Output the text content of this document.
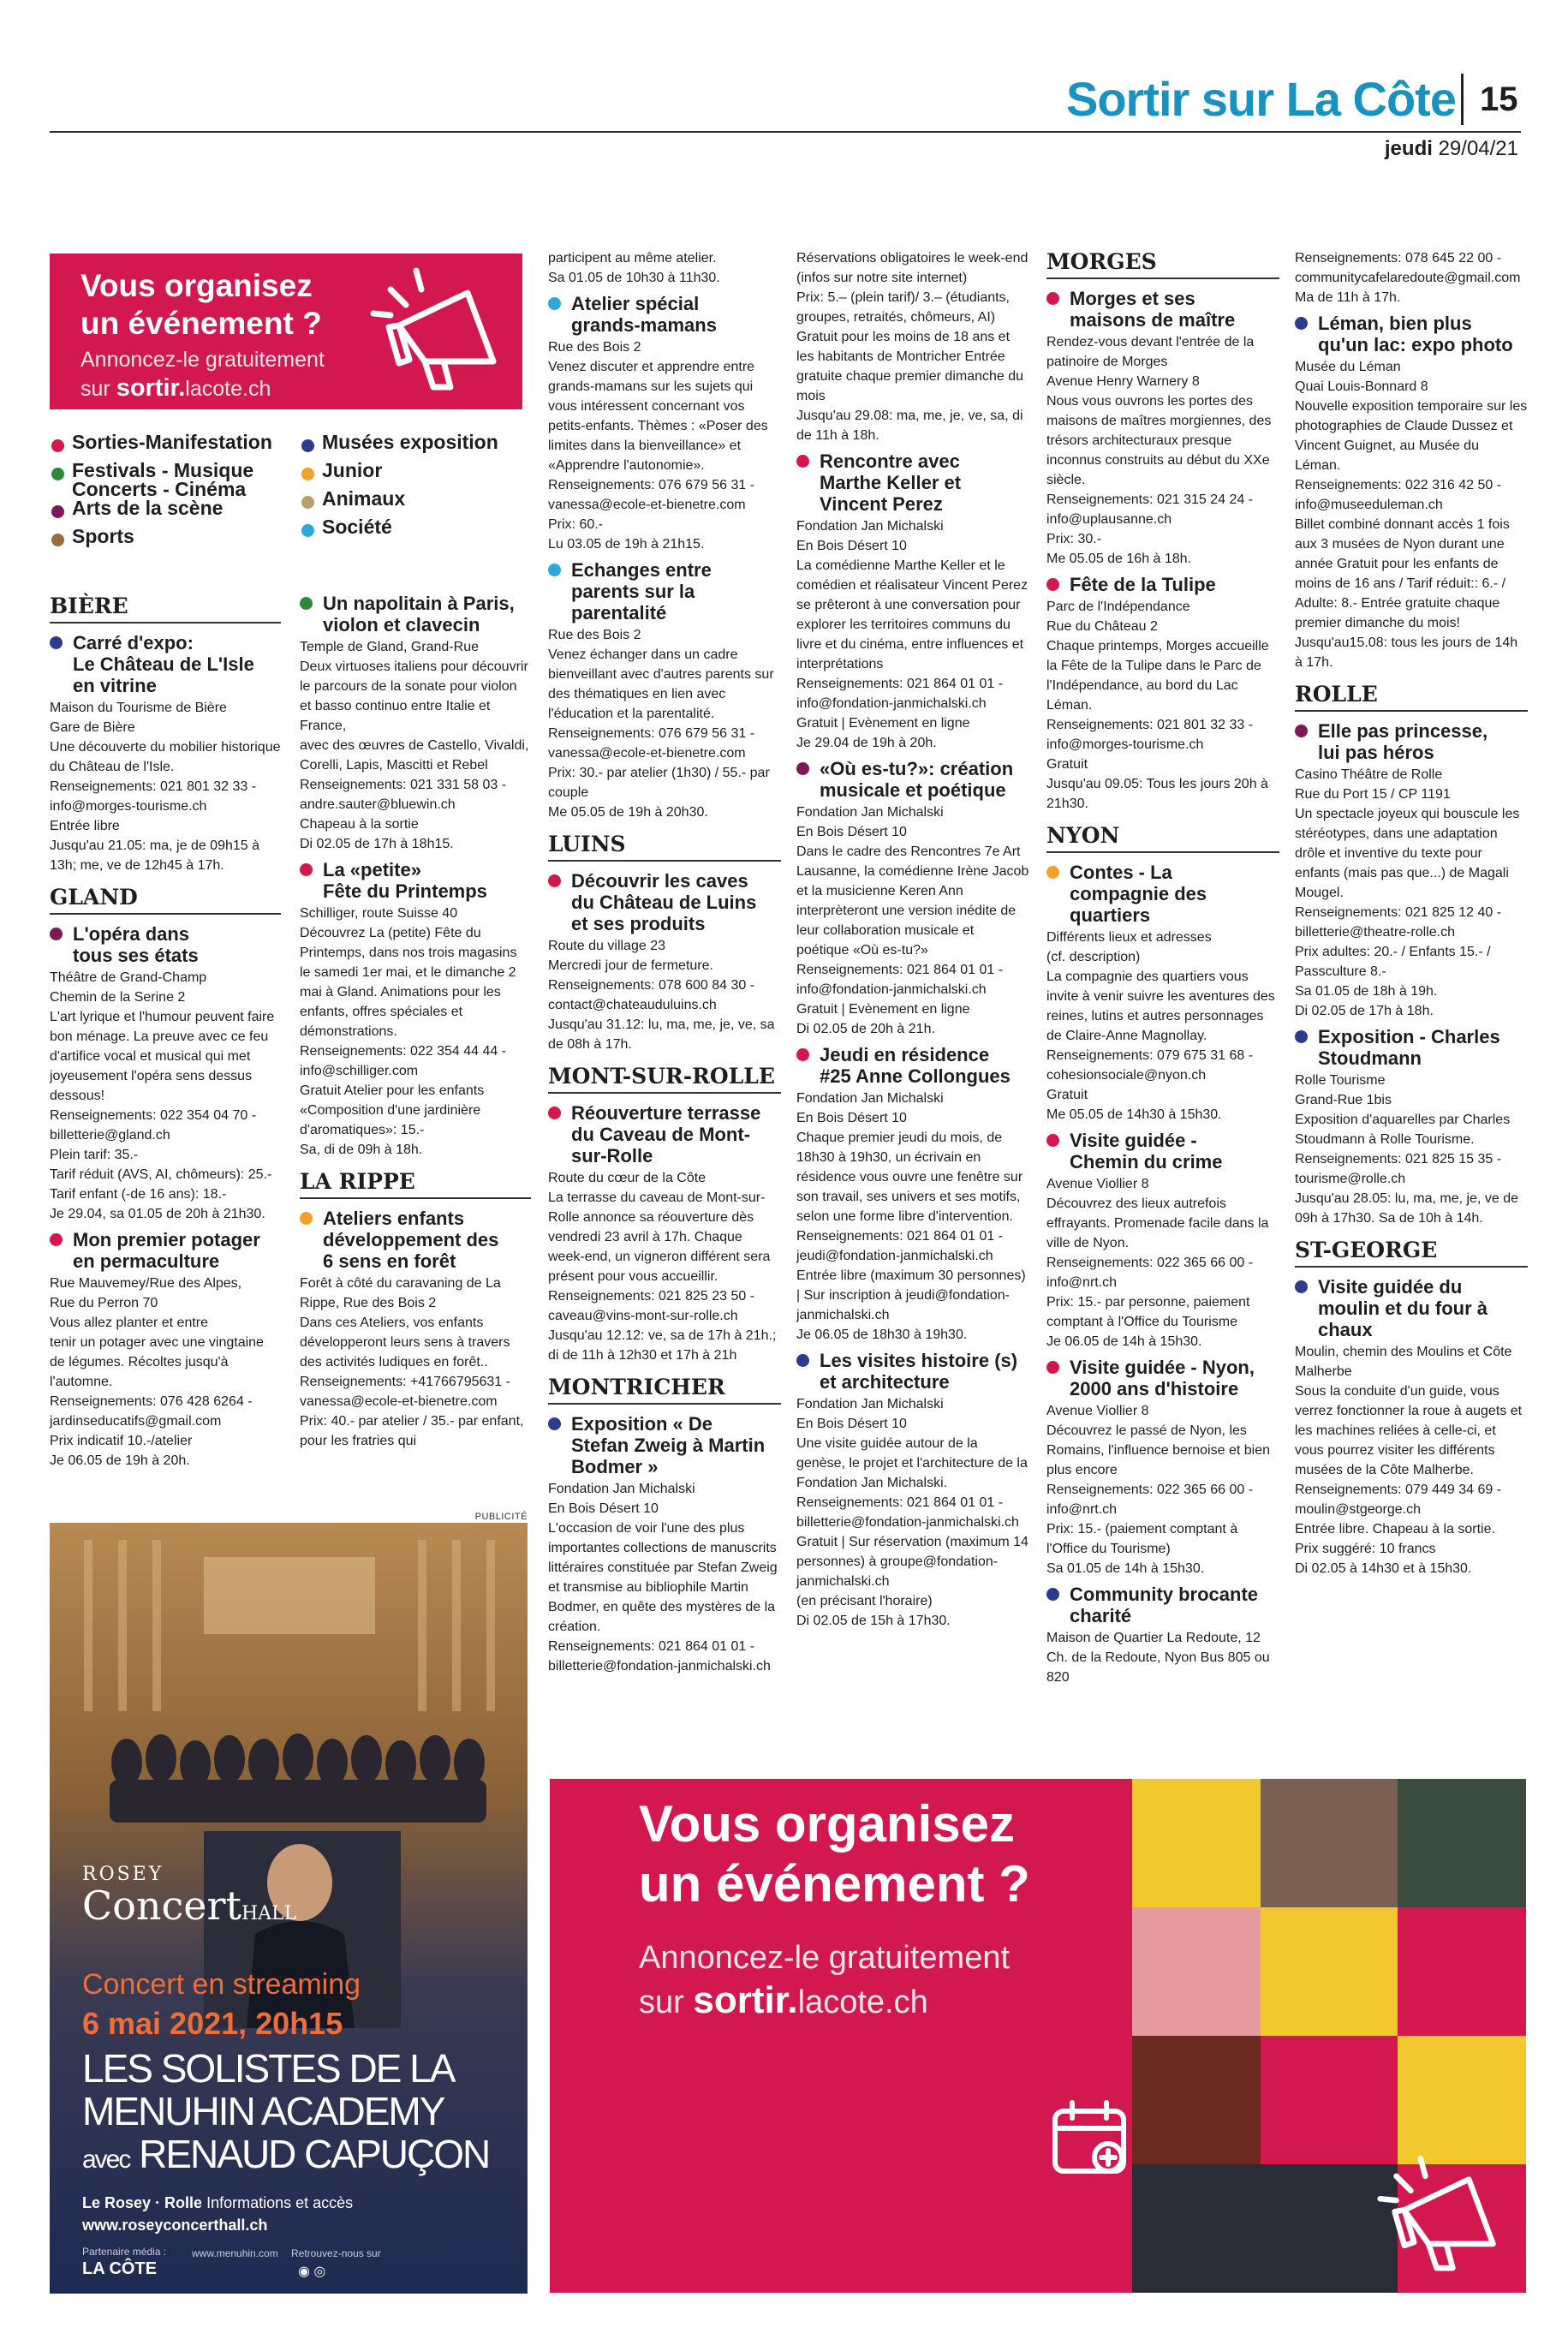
Sortir sur La Côte 15
jeudi 29/04/21
Vous organisez
un événement ?
Annoncez-le gratuitement
sur sortir.lacote.ch
Sorties-Manifestation
Festivals - Musique
Concerts - Cinéma
Arts de la scène
Sports
Musées exposition
Junior
Animaux
Société
BIÈRE
Carré d'expo:
Le Château de L'Isle
en vitrine
Maison du Tourisme de Bière
Gare de Bière
Une découverte du mobilier historique du Château de l'Isle.
Renseignements: 021 801 32 33 - info@morges-tourisme.ch
Entrée libre
Jusqu'au 21.05: ma, je de 09h15 à 13h; me, ve de 12h45 à 17h.
GLAND
L'opéra dans
tous ses états
Théâtre de Grand-Champ
Chemin de la Serine 2
L'art lyrique et l'humour peuvent faire bon ménage. La preuve avec ce feu d'artifice vocal et musical qui met joyeusement l'opéra sens dessus dessous!
Renseignements: 022 354 04 70 - billetterie@gland.ch
Plein tarif: 35.-
Tarif réduit (AVS, AI, chômeurs): 25.-
Tarif enfant (-de 16 ans): 18.-
Je 29.04, sa 01.05 de 20h à 21h30.
Mon premier potager
en permaculture
Rue Mauvemey/Rue des Alpes,
Rue du Perron 70
Vous allez planter et entre
tenir un potager avec une vingtaine de légumes. Récoltes jusqu'à l'automne.
Renseignements: 076 428 6264 - jardinseducatifs@gmail.com
Prix indicatif 10.-/atelier
Je 06.05 de 19h à 20h.
Un napolitain à Paris,
violon et clavecin
Temple de Gland, Grand-Rue
Deux virtuoses italiens pour découvrir le parcours de la sonate pour violon et basso continuo entre Italie et France,
avec des œuvres de Castello, Vivaldi, Corelli, Lapis, Mascitti et Rebel
Renseignements: 021 331 58 03 - andre.sauter@bluewin.ch
Chapeau à la sortie
Di 02.05 de 17h à 18h15.
La «petite»
Fête du Printemps
Schilliger, route Suisse 40
Découvrez La (petite) Fête du Printemps, dans nos trois magasins le samedi 1er mai, et le dimanche 2 mai à Gland. Animations pour les enfants, offres spéciales et démonstrations.
Renseignements: 022 354 44 44 - info@schilliger.com
Gratuit Atelier pour les enfants «Composition d'une jardinière d'aromatiques»: 15.-
Sa, di de 09h à 18h.
LA RIPPE
Ateliers enfants
développement des
6 sens en forêt
Forêt à côté du caravaning de La Rippe, Rue des Bois 2
Dans ces Ateliers, vos enfants développeront leurs sens à travers des activités ludiques en forêt..
Renseignements: +41766795631 - vanessa@ecole-et-bienetre.com
Prix: 40.- par atelier / 35.- par enfant, pour les fratries qui
participent au même atelier.
Sa 01.05 de 10h30 à 11h30.
Atelier spécial
grands-mamans
Rue des Bois 2
Venez discuter et apprendre entre grands-mamans sur les sujets qui vous intéressent concernant vos petits-enfants. Thèmes : «Poser des limites dans la bienveillance» et «Apprendre l'autonomie».
Renseignements: 076 679 56 31 - vanessa@ecole-et-bienetre.com
Prix: 60.-
Lu 03.05 de 19h à 21h15.
Echanges entre
parents sur la
parentalité
Rue des Bois 2
Venez échanger dans un cadre bienveillant avec d'autres parents sur des thématiques en lien avec l'éducation et la parentalité.
Renseignements: 076 679 56 31 - vanessa@ecole-et-bienetre.com
Prix: 30.- par atelier (1h30) / 55.- par couple
Me 05.05 de 19h à 20h30.
LUINS
Découvrir les caves
du Château de Luins
et ses produits
Route du village 23
Mercredi jour de fermeture.
Renseignements: 078 600 84 30 - contact@chateauduluins.ch
Jusqu'au 31.12: lu, ma, me, je, ve, sa de 08h à 17h.
MONT-SUR-ROLLE
Réouverture terrasse
du Caveau de Mont-
sur-Rolle
Route du cœur de la Côte
La terrasse du caveau de Mont-sur-Rolle annonce sa réouverture dès vendredi 23 avril à 17h. Chaque week-end, un vigneron différent sera présent pour vous accueillir.
Renseignements: 021 825 23 50 - caveau@vins-mont-sur-rolle.ch
Jusqu'au 12.12: ve, sa de 17h à 21h.; di de 11h à 12h30 et 17h à 21h
MONTRICHER
Exposition « De
Stefan Zweig à Martin
Bodmer »
Fondation Jan Michalski
En Bois Désert 10
L'occasion de voir l'une des plus importantes collections de manuscrits littéraires constituée par Stefan Zweig et transmise au bibliophile Martin Bodmer, en quête des mystères de la création.
Renseignements: 021 864 01 01 - billetterie@fondation-janmichalski.ch
Réservations obligatoires le week-end (infos sur notre site internet)
Prix: 5.– (plein tarif)/ 3.– (étudiants, groupes, retraités, chômeurs, AI) Gratuit pour les moins de 18 ans et les habitants de Montricher Entrée gratuite chaque premier dimanche du mois
Jusqu'au 29.08: ma, me, je, ve, sa, di de 11h à 18h.
Rencontre avec
Marthe Keller et
Vincent Perez
Fondation Jan Michalski
En Bois Désert 10
La comédienne Marthe Keller et le comédien et réalisateur Vincent Perez se prêteront à une conversation pour explorer les territoires communs du livre et du cinéma, entre influences et interprétations
Renseignements: 021 864 01 01 - info@fondation-janmichalski.ch
Gratuit | Evènement en ligne
Je 29.04 de 19h à 20h.
«Où es-tu?»: création
musicale et poétique
Fondation Jan Michalski
En Bois Désert 10
Dans le cadre des Rencontres 7e Art Lausanne, la comédienne Irène Jacob et la musicienne Keren Ann interprèteront une version inédite de leur collaboration musicale et poétique «Où es-tu?»
Renseignements: 021 864 01 01 - info@fondation-janmichalski.ch
Gratuit | Evènement en ligne
Di 02.05 de 20h à 21h.
Jeudi en résidence
#25 Anne Collongues
Fondation Jan Michalski
En Bois Désert 10
Chaque premier jeudi du mois, de 18h30 à 19h30, un écrivain en résidence vous ouvre une fenêtre sur son travail, ses univers et ses motifs, selon une forme libre d'intervention.
Renseignements: 021 864 01 01 - jeudi@fondation-janmichalski.ch
Entrée libre (maximum 30 personnes) | Sur inscription à jeudi@fondation-janmichalski.ch
Je 06.05 de 18h30 à 19h30.
Les visites histoire (s)
et architecture
Fondation Jan Michalski
En Bois Désert 10
Une visite guidée autour de la genèse, le projet et l'architecture de la Fondation Jan Michalski.
Renseignements: 021 864 01 01 - billetterie@fondation-janmichalski.ch
Gratuit | Sur réservation (maximum 14 personnes) à groupe@fondation-janmichalski.ch
(en précisant l'horaire)
Di 02.05 de 15h à 17h30.
MORGES
Morges et ses
maisons de maître
Rendez-vous devant l'entrée de la patinoire de Morges
Avenue Henry Warnery 8
Nous vous ouvrons les portes des maisons de maîtres morgiennes, des trésors architecturaux presque inconnus construits au début du XXe siècle.
Renseignements: 021 315 24 24 - info@uplausanne.ch
Prix: 30.-
Me 05.05 de 16h à 18h.
Fête de la Tulipe
Parc de l'Indépendance
Rue du Château 2
Chaque printemps, Morges accueille la Fête de la Tulipe dans le Parc de l'Indépendance, au bord du Lac Léman.
Renseignements: 021 801 32 33 - info@morges-tourisme.ch
Gratuit
Jusqu'au 09.05: Tous les jours 20h à 21h30.
NYON
Contes - La
compagnie des
quartiers
Différents lieux et adresses
(cf. description)
La compagnie des quartiers vous invite à venir suivre les aventures des reines, lutins et autres personnages de Claire-Anne Magnollay.
Renseignements: 079 675 31 68 - cohesionsociale@nyon.ch
Gratuit
Me 05.05 de 14h30 à 15h30.
Visite guidée -
Chemin du crime
Avenue Viollier 8
Découvrez des lieux autrefois effrayants. Promenade facile dans la ville de Nyon.
Renseignements: 022 365 66 00 - info@nrt.ch
Prix: 15.- par personne, paiement comptant à l'Office du Tourisme
Je 06.05 de 14h à 15h30.
Visite guidée - Nyon,
2000 ans d'histoire
Avenue Viollier 8
Découvrez le passé de Nyon, les Romains, l'influence bernoise et bien plus encore
Renseignements: 022 365 66 00 - info@nrt.ch
Prix: 15.- (paiement comptant à l'Office du Tourisme)
Sa 01.05 de 14h à 15h30.
Community brocante
charité
Maison de Quartier La Redoute, 12 Ch. de la Redoute, Nyon Bus 805 ou 820
Renseignements: 078 645 22 00 - communitycafelaredoute@gmail.com
Ma de 11h à 17h.
Léman, bien plus
qu'un lac: expo photo
Musée du Léman
Quai Louis-Bonnard 8
Nouvelle exposition temporaire sur les photographies de Claude Dussez et Vincent Guignet, au Musée du Léman.
Renseignements: 022 316 42 50 - info@museeduleman.ch
Billet combiné donnant accès 1 fois aux 3 musées de Nyon durant une année Gratuit pour les enfants de moins de 16 ans / Tarif réduit:: 6.- / Adulte: 8.- Entrée gratuite chaque premier dimanche du mois!
Jusqu'au15.08: tous les jours de 14h à 17h.
ROLLE
Elle pas princesse,
lui pas héros
Casino Théâtre de Rolle
Rue du Port 15 / CP 1191
Un spectacle joyeux qui bouscule les stéréotypes, dans une adaptation drôle et inventive du texte pour enfants (mais pas que...) de Magali Mougel.
Renseignements: 021 825 12 40 - billetterie@theatre-rolle.ch
Prix adultes: 20.- / Enfants 15.- / Passculture 8.-
Sa 01.05 de 18h à 19h.
Di 02.05 de 17h à 18h.
Exposition - Charles
Stoudmann
Rolle Tourisme
Grand-Rue 1bis
Exposition d'aquarelles par Charles Stoudmann à Rolle Tourisme.
Renseignements: 021 825 15 35 - tourisme@rolle.ch
Jusqu'au 28.05: lu, ma, me, je, ve de 09h à 17h30. Sa de 10h à 14h.
ST-GEORGE
Visite guidée du
moulin et du four à
chaux
Moulin, chemin des Moulins et Côte Malherbe
Sous la conduite d'un guide, vous verrez fonctionner la roue à augets et les machines reliées à celle-ci, et vous pourrez visiter les différents musées de la Côte Malherbe.
Renseignements: 079 449 34 69 - moulin@stgeorge.ch
Entrée libre. Chapeau à la sortie.
Prix suggéré: 10 francs
Di 02.05 à 14h30 et à 15h30.
PUBLICITÉ
ROSEY
ConcertHALL
Concert en streaming
6 mai 2021, 20h15
LES SOLISTES DE LA
MENUHIN ACADEMY
avec RENAUD CAPUÇON
Le Rosey · Rolle Informations et accès
www.roseyconcerthall.ch
Partenaire média :
LA CÔTE
www.menuhin.com Retrouvez-nous sur
◉ ◎
Vous organisez
un événement ?
Annoncez-le gratuitement
sur sortir.lacote.ch
